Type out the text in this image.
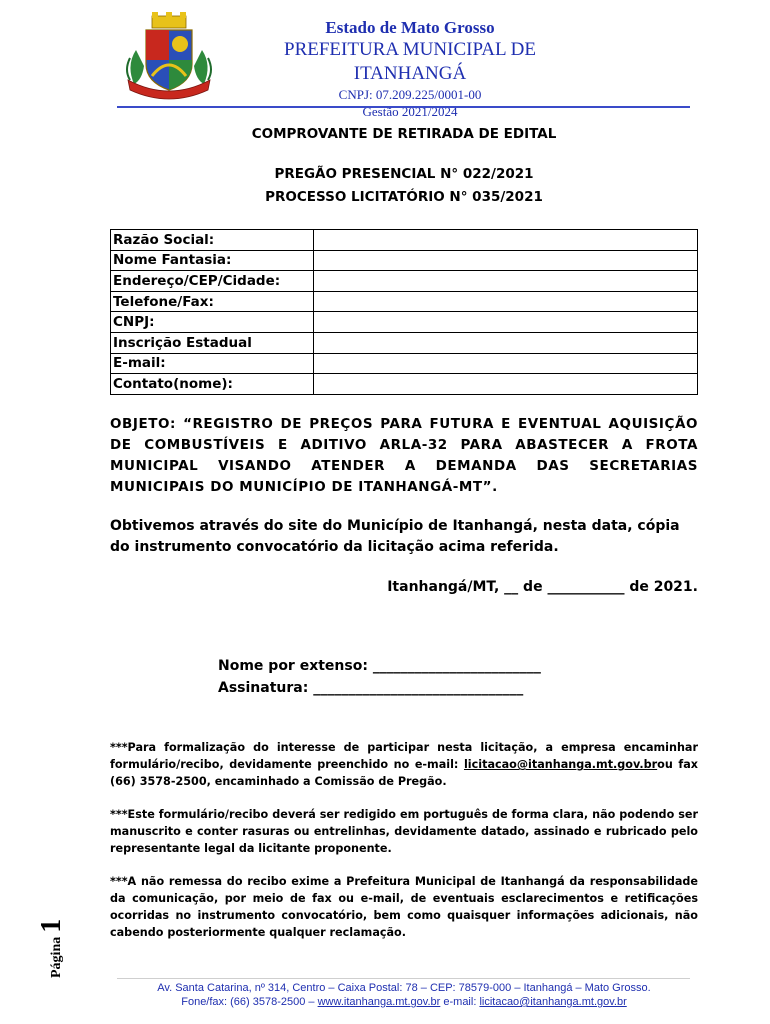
Estado de Mato Grosso
PREFEITURA MUNICIPAL DE ITANHANGÁ
CNPJ: 07.209.225/0001-00
Gestão 2021/2024
COMPROVANTE DE RETIRADA DE EDITAL
PREGÃO PRESENCIAL N° 022/2021
PROCESSO LICITATÓRIO N° 035/2021
Razão Social:	
Nome Fantasia:	
Endereço/CEP/Cidade:	
Telefone/Fax:	
CNPJ:	
Inscrição Estadual	
E-mail:	
Contato(nome):	
OBJETO: “REGISTRO DE PREÇOS PARA FUTURA E EVENTUAL AQUISIÇÃO DE COMBUSTÍVEIS E ADITIVO ARLA-32 PARA ABASTECER A FROTA MUNICIPAL VISANDO ATENDER A DEMANDA DAS SECRETARIAS MUNICIPAIS DO MUNICÍPIO DE ITANHANGÁ-MT”.
Obtivemos através do site do Município de Itanhangá, nesta data, cópia do instrumento convocatório da licitação acima referida.
Itanhangá/MT, __ de ___________ de 2021.
Nome por extenso: ________________________
Assinatura: ______________________________
***Para formalização do interesse de participar nesta licitação, a empresa encaminhar formulário/recibo, devidamente preenchido no e-mail: licitacao@itanhanga.mt.gov.brou fax (66) 3578-2500, encaminhado a Comissão de Pregão.
***Este formulário/recibo deverá ser redigido em português de forma clara, não podendo ser manuscrito e conter rasuras ou entrelinhas, devidamente datado, assinado e rubricado pelo representante legal da licitante proponente.
***A não remessa do recibo exime a Prefeitura Municipal de Itanhangá da responsabilidade da comunicação, por meio de fax ou e-mail, de eventuais esclarecimentos e retificações ocorridas no instrumento convocatório, bem como quaisquer informações adicionais, não cabendo posteriormente qualquer reclamação.
Página1
Av. Santa Catarina, nº 314, Centro – Caixa Postal: 78 – CEP: 78579-000 – Itanhangá – Mato Grosso.
Fone/fax: (66) 3578-2500 – www.itanhanga.mt.gov.br e-mail: licitacao@itanhanga.mt.gov.br
